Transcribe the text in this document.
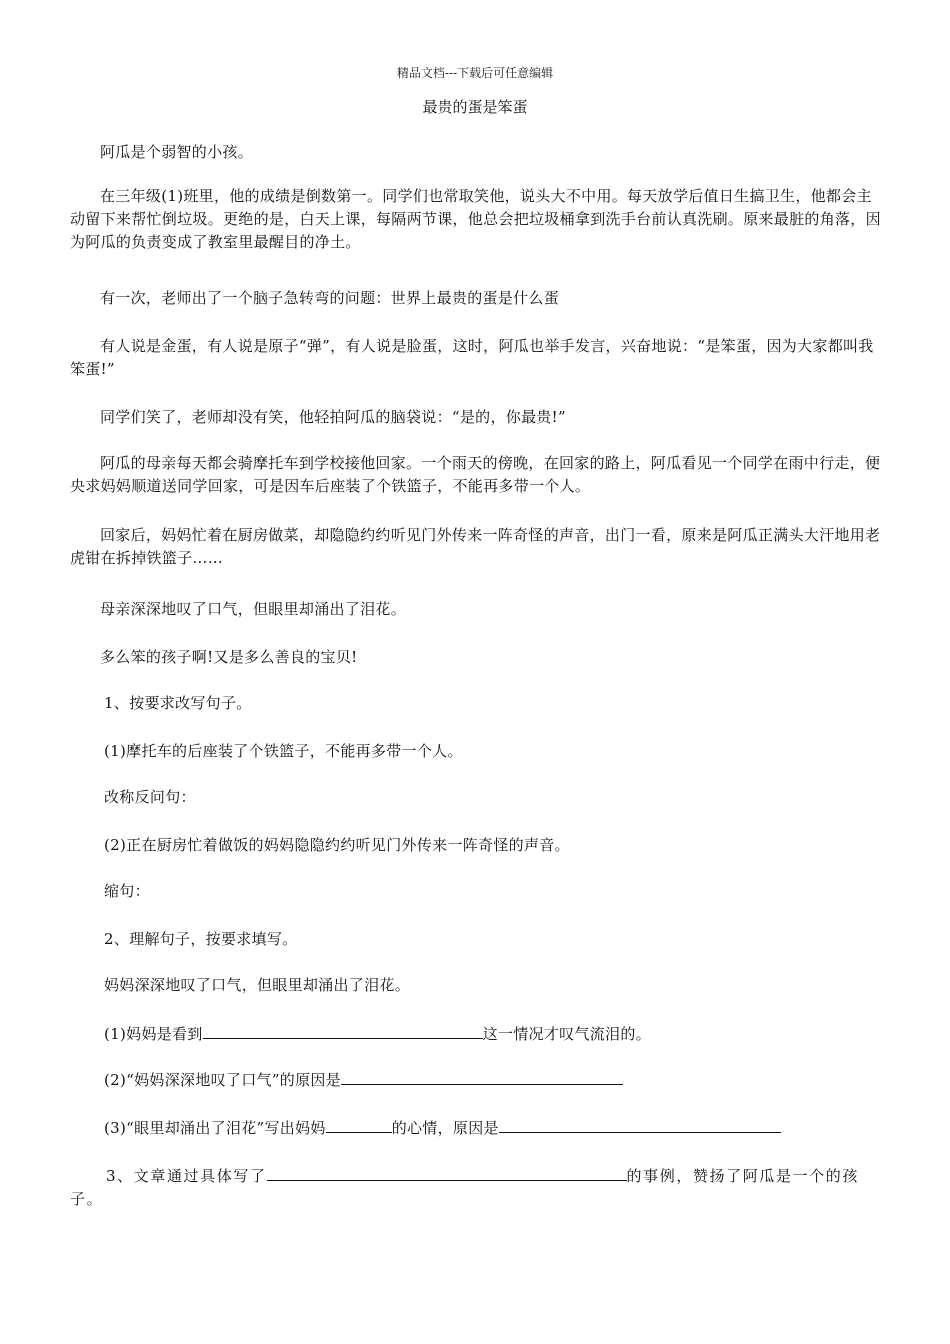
精品文档---下载后可任意编辑
最贵的蛋是笨蛋

阿瓜是个弱智的小孩。

在三年级(1)班里，他的成绩是倒数第一。同学们也常取笑他，说头大不中用。每天放学后值日生搞卫生，他都会主动留下来帮忙倒垃圾。更绝的是，白天上课，每隔两节课，他总会把垃圾桶拿到洗手台前认真洗刷。原来最脏的角落，因为阿瓜的负责变成了教室里最醒目的净土。

有一次，老师出了一个脑子急转弯的问题：世界上最贵的蛋是什么蛋

有人说是金蛋，有人说是原子“弹”，有人说是脸蛋，这时，阿瓜也举手发言，兴奋地说：“是笨蛋，因为大家都叫我笨蛋!”

同学们笑了，老师却没有笑，他轻拍阿瓜的脑袋说：“是的，你最贵!”

阿瓜的母亲每天都会骑摩托车到学校接他回家。一个雨天的傍晚，在回家的路上，阿瓜看见一个同学在雨中行走，便央求妈妈顺道送同学回家，可是因车后座装了个铁篮子，不能再多带一个人。

回家后，妈妈忙着在厨房做菜，却隐隐约约听见门外传来一阵奇怪的声音，出门一看，原来是阿瓜正满头大汗地用老虎钳在拆掉铁篮子……

母亲深深地叹了口气，但眼里却涌出了泪花。

多么笨的孩子啊!又是多么善良的宝贝!

1、按要求改写句子。

(1)摩托车的后座装了个铁篮子，不能再多带一个人。

改称反问句：

(2)正在厨房忙着做饭的妈妈隐隐约约听见门外传来一阵奇怪的声音。

缩句：

2、理解句子，按要求填写。

妈妈深深地叹了口气，但眼里却涌出了泪花。

(1)妈妈是看到	这一情况才叹气流泪的。

(2)“妈妈深深地叹了口气”的原因是

(3)“眼里却涌出了泪花”写出妈妈	的心情，原因是

3、文章通过具体写了	的事例，赞扬了阿瓜是一个的孩子。
